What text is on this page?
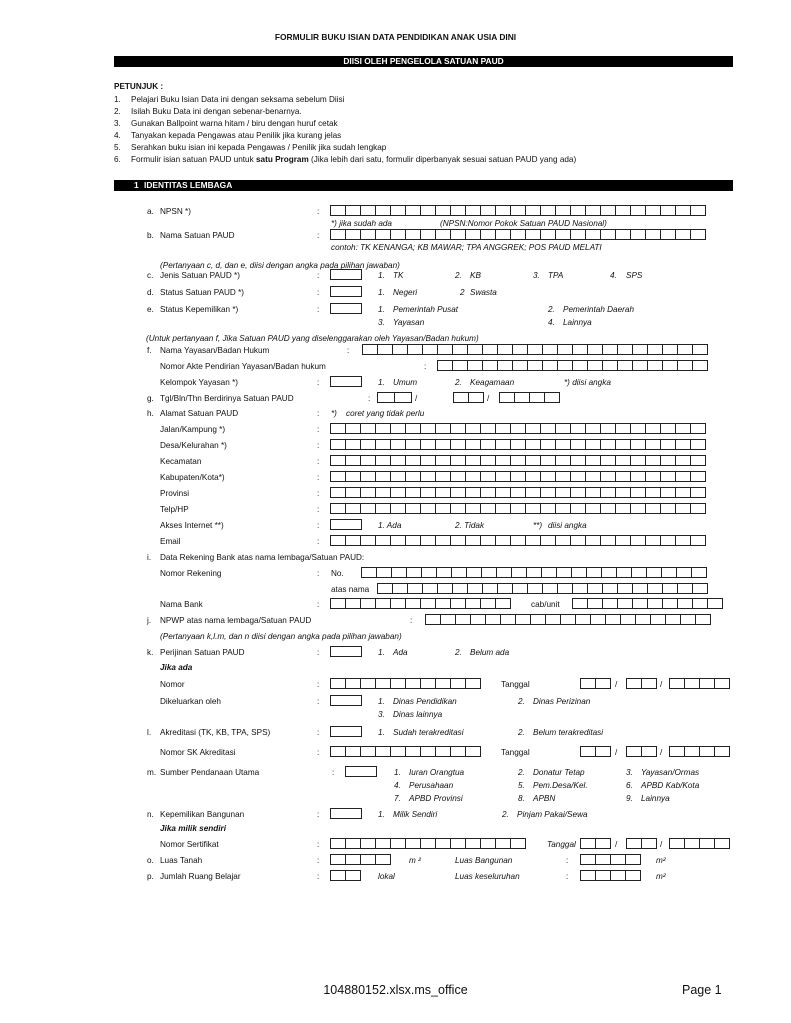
FORMULIR BUKU ISIAN DATA PENDIDIKAN ANAK USIA DINI
DIISI OLEH PENGELOLA SATUAN PAUD
PETUNJUK :
1. Pelajari Buku Isian Data ini dengan seksama sebelum Diisi
2. Isilah Buku Data ini dengan sebenar-benarnya.
3. Gunakan Ballpoint warna hitam / biru dengan huruf cetak
4. Tanyakan kepada Pengawas atau Penilik jika kurang jelas
5. Serahkan buku isian ini kepada Pengawas / Penilik jika sudah lengkap
6. Formulir isian satuan PAUD untuk satu Program (Jika lebih dari satu, formulir diperbanyak sesuai satuan PAUD yang ada)
1 IDENTITAS LEMBAGA
a. NPSN *)	:
*) jika sudah ada	(NPSN:Nomor Pokok Satuan PAUD Nasional)
b. Nama Satuan PAUD	:
contoh: TK KENANGA; KB MAWAR; TPA ANGGREK; POS PAUD MELATI
(Pertanyaan c, d, dan e, diisi dengan angka pada pilihan jawaban)
c. Jenis Satuan PAUD *)	:	1. TK	2. KB	3. TPA	4. SPS
d. Status Satuan PAUD *)	:	1. Negeri	2 Swasta
e. Status Kepemilikan *)	:	1. Pemerintah Pusat	2. Pemerintah Daerah
3. Yayasan	4. Lainnya
(Untuk pertanyaan f, Jika Satuan PAUD yang diselenggarakan oleh Yayasan/Badan hukum)
f. Nama Yayasan/Badan Hukum	:
Nomor Akte Pendirian Yayasan/Badan hukum	:
Kelompok Yayasan *)	:	1. Umum	2. Keagamaan	*) diisi angka
g. Tgl/Bln/Thn Berdirinya Satuan PAUD	:	/	/
h. Alamat Satuan PAUD	: *) coret yang tidak perlu
Jalan/Kampung *)	:
Desa/Kelurahan *)	:
Kecamatan	:
Kabupaten/Kota*)	:
Provinsi	:
Telp/HP	:
Akses Internet **)	:	1. Ada	2. Tidak	**) diisi angka
Email	:
i. Data Rekening Bank atas nama lembaga/Satuan PAUD:
Nomor Rekening	: No.
atas nama
Nama Bank	:	cab/unit
j. NPWP atas nama lembaga/Satuan PAUD	:
(Pertanyaan k,l.m, dan n diisi dengan angka pada pilihan jawaban)
k. Perijinan Satuan PAUD	:	1. Ada	2. Belum ada
Jika ada
Nomor	:	Tanggal	/	/
Dikeluarkan oleh	:	1. Dinas Pendidikan	2. Dinas Perizinan
3. Dinas lainnya
l. Akreditasi (TK, KB, TPA, SPS)	:	1. Sudah terakreditasi	2. Belum terakreditasi
Nomor SK Akreditasi	:	Tanggal	/	/
m. Sumber Pendanaan Utama	:	1. Iuran Orangtua	2. Donatur Tetap	3. Yayasan/Ormas
4. Perusahaan	5. Pem.Desa/Kel.	6. APBD Kab/Kota
7. APBD Provinsi	8. APBN	9. Lainnya
n. Kepemilikan Bangunan	:	1. Milik Sendiri	2. Pinjam Pakai/Sewa
Jika milik sendiri
Nomor Sertifikat	:	Tanggal	/	/
o. Luas Tanah	:	m ²	Luas Bangunan	:	m²
p. Jumlah Ruang Belajar	:	lokal	Luas keseluruhan	:	m²
104880152.xlsx.ms_office	Page 1
